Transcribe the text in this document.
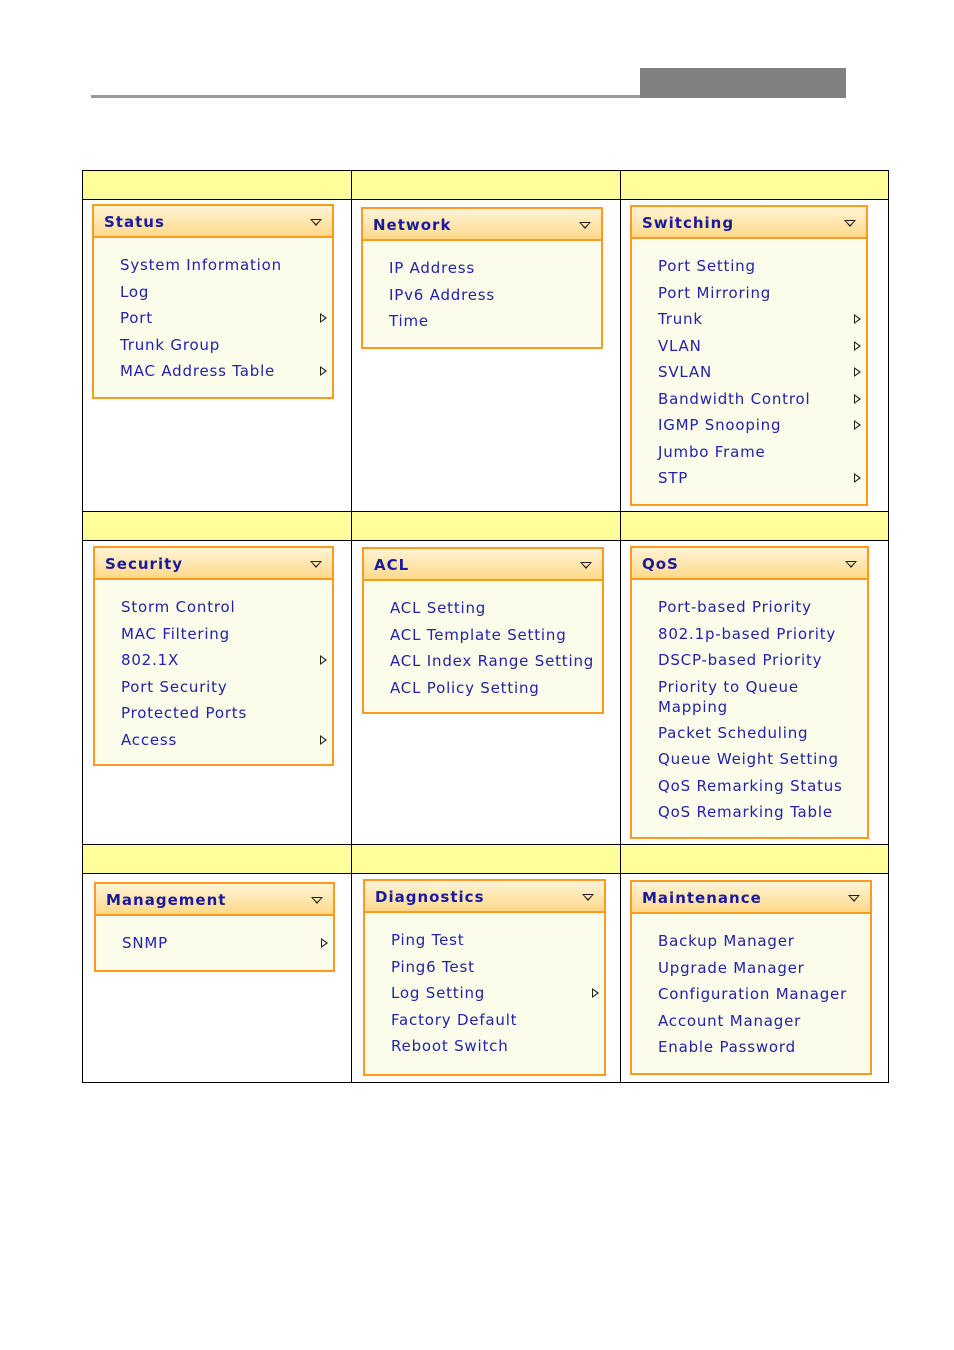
Status
System Information
Log
Port
Trunk Group
MAC Address Table
Network
IP Address
IPv6 Address
Time
Switching
Port Setting
Port Mirroring
Trunk
VLAN
SVLAN
Bandwidth Control
IGMP Snooping
Jumbo Frame
STP
Security
Storm Control
MAC Filtering
802.1X
Port Security
Protected Ports
Access
ACL
ACL Setting
ACL Template Setting
ACL Index Range Setting
ACL Policy Setting
QoS
Port-based Priority
802.1p-based Priority
DSCP-based Priority
Priority to Queue
Mapping
Packet Scheduling
Queue Weight Setting
QoS Remarking Status
QoS Remarking Table
Management
SNMP
Diagnostics
Ping Test
Ping6 Test
Log Setting
Factory Default
Reboot Switch
Maintenance
Backup Manager
Upgrade Manager
Configuration Manager
Account Manager
Enable Password
